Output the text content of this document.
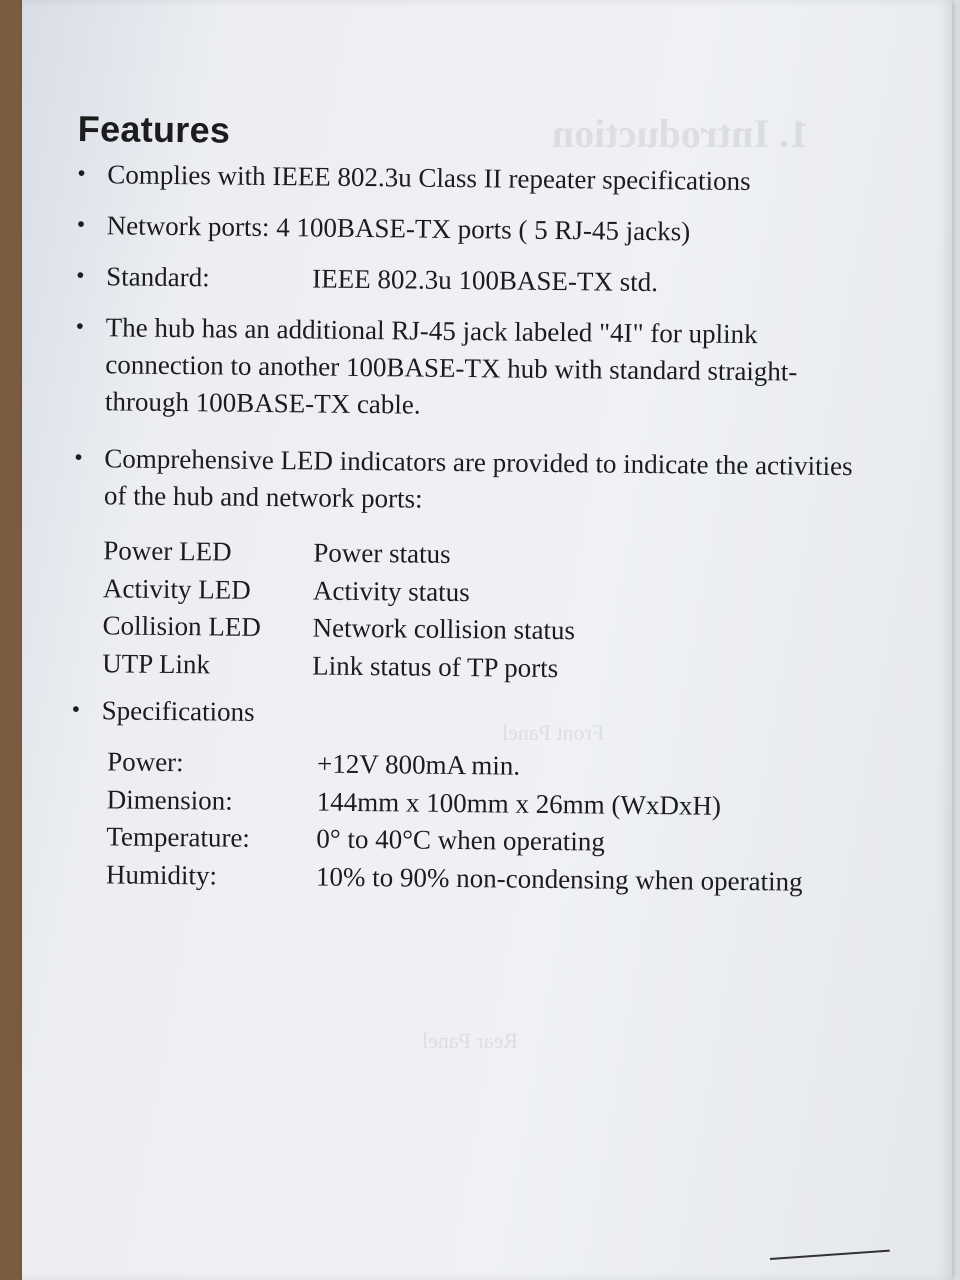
1. Introduction
Front Panel
Rear Panel
Features
• Complies with IEEE 802.3u Class II repeater specifications
• Network ports: 4 100BASE-TX ports ( 5 RJ-45 jacks)
• Standard:	IEEE 802.3u 100BASE-TX std.
• The hub has an additional RJ-45 jack labeled "4I" for uplink connection to another 100BASE-TX hub with standard straight-through 100BASE-TX cable.
• Comprehensive LED indicators are provided to indicate the activities of the hub and network ports:
Power LED	Power status
Activity LED	Activity status
Collision LED	Network collision status
UTP Link	Link status of TP ports
• Specifications
Power:	+12V 800mA min.
Dimension:	144mm x 100mm x 26mm (WxDxH)
Temperature:	0° to 40°C when operating
Humidity:	10% to 90% non-condensing when operating
